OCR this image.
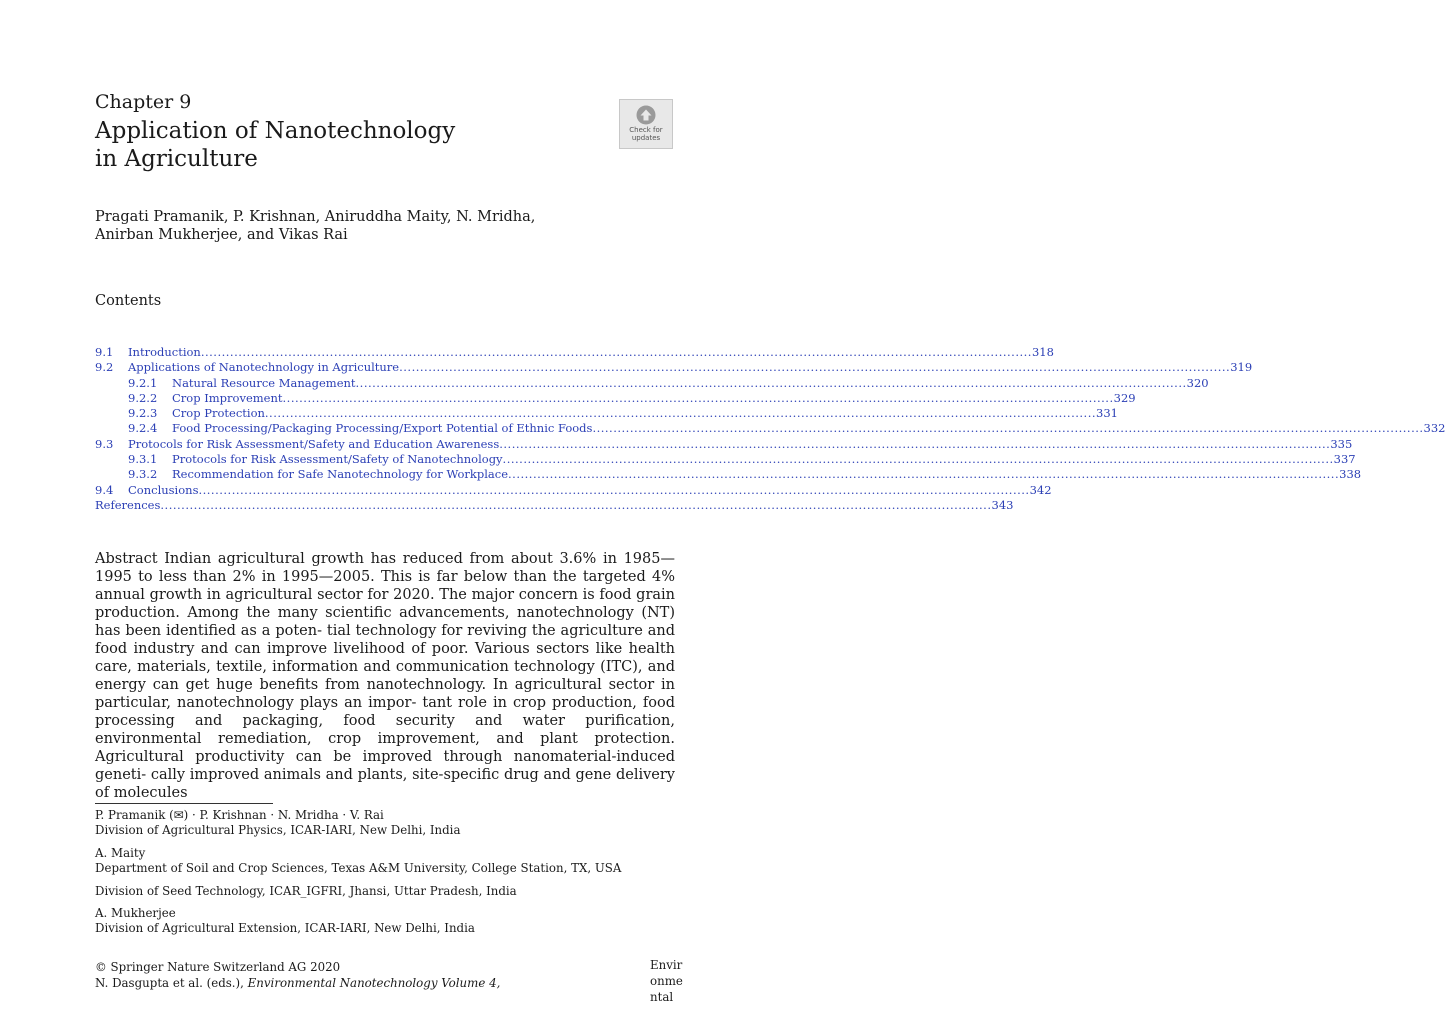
Chapter 9
Application of Nanotechnology
in Agriculture
Check for
updates
Pragati Pramanik, P. Krishnan, Aniruddha Maity, N. Mridha,
Anirban Mukherjee, and Vikas Rai
Contents
9.1	Introduction ........................................................................................................................................................................................................ 318
9.2	Applications of Nanotechnology in Agriculture ........................................................................................................................................................................................................ 319
9.2.1	Natural Resource Management ........................................................................................................................................................................................................ 320
9.2.2	Crop Improvement ........................................................................................................................................................................................................ 329
9.2.3	Crop Protection ........................................................................................................................................................................................................ 331
9.2.4	Food Processing/Packaging Processing/Export Potential of Ethnic Foods ........................................................................................................................................................................................................ 332
9.3	Protocols for Risk Assessment/Safety and Education Awareness ........................................................................................................................................................................................................ 335
9.3.1	Protocols for Risk Assessment/Safety of Nanotechnology ........................................................................................................................................................................................................ 337
9.3.2	Recommendation for Safe Nanotechnology for Workplace ........................................................................................................................................................................................................ 338
9.4	Conclusions ........................................................................................................................................................................................................ 342
References ........................................................................................................................................................................................................ 343
Abstract Indian agricultural growth has reduced from about 3.6% in 1985—1995 to less than 2% in 1995—2005. This is far below than the targeted 4% annual growth in agricultural sector for 2020. The major concern is food grain production. Among the many scientific advancements, nanotechnology (NT) has been identified as a poten- tial technology for reviving the agriculture and food industry and can improve livelihood of poor. Various sectors like health care, materials, textile, information and communication technology (ITC), and energy can get huge benefits from nanotechnology. In agricultural sector in particular, nanotechnology plays an impor- tant role in crop production, food processing and packaging, food security and water purification, environmental remediation, crop improvement, and plant protection. Agricultural productivity can be improved through nanomaterial-induced geneti- cally improved animals and plants, site-specific drug and gene delivery of molecules
P. Pramanik (✉) · P. Krishnan · N. Mridha · V. Rai
Division of Agricultural Physics, ICAR-IARI, New Delhi, India
A. Maity
Department of Soil and Crop Sciences, Texas A&M University, College Station, TX, USA
Division of Seed Technology, ICAR_IGFRI, Jhansi, Uttar Pradesh, India
A. Mukherjee
Division of Agricultural Extension, ICAR-IARI, New Delhi, India
© Springer Nature Switzerland AG 2020
N. Dasgupta et al. (eds.), Environmental Nanotechnology Volume 4,
Envir
onme
ntal
